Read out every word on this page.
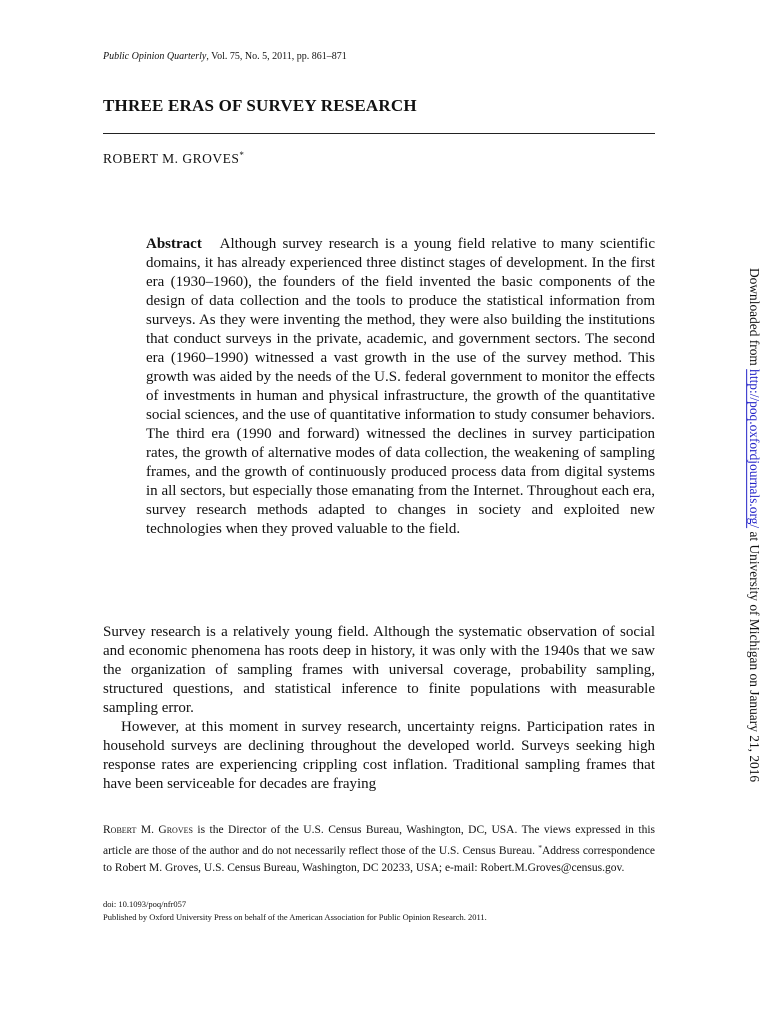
Public Opinion Quarterly, Vol. 75, No. 5, 2011, pp. 861–871
THREE ERAS OF SURVEY RESEARCH
ROBERT M. GROVES*
Abstract Although survey research is a young field relative to many scientific domains, it has already experienced three distinct stages of development. In the first era (1930–1960), the founders of the field invented the basic components of the design of data collection and the tools to produce the statistical information from surveys. As they were inventing the method, they were also building the institutions that conduct surveys in the private, academic, and government sectors. The second era (1960–1990) witnessed a vast growth in the use of the survey method. This growth was aided by the needs of the U.S. federal government to monitor the effects of investments in human and physical infrastructure, the growth of the quantitative social sciences, and the use of quantitative information to study consumer behaviors. The third era (1990 and forward) witnessed the declines in survey participation rates, the growth of alternative modes of data collection, the weakening of sampling frames, and the growth of continuously produced process data from digital systems in all sectors, but especially those emanating from the Internet. Throughout each era, survey research methods adapted to changes in society and exploited new technologies when they proved valuable to the field.

Survey research is a relatively young field. Although the systematic observation of social and economic phenomena has roots deep in history, it was only with the 1940s that we saw the organization of sampling frames with universal coverage, probability sampling, structured questions, and statistical inference to finite populations with measurable sampling error.

However, at this moment in survey research, uncertainty reigns. Participation rates in household surveys are declining throughout the developed world. Surveys seeking high response rates are experiencing crippling cost inflation. Traditional sampling frames that have been serviceable for decades are fraying

Robert M. Groves is the Director of the U.S. Census Bureau, Washington, DC, USA. The views expressed in this article are those of the author and do not necessarily reflect those of the U.S. Census Bureau. *Address correspondence to Robert M. Groves, U.S. Census Bureau, Washington, DC 20233, USA; e-mail: Robert.M.Groves@census.gov.
doi: 10.1093/poq/nfr057
Published by Oxford University Press on behalf of the American Association for Public Opinion Research. 2011.
Downloaded from http://poq.oxfordjournals.org/ at University of Michigan on January 21, 2016
